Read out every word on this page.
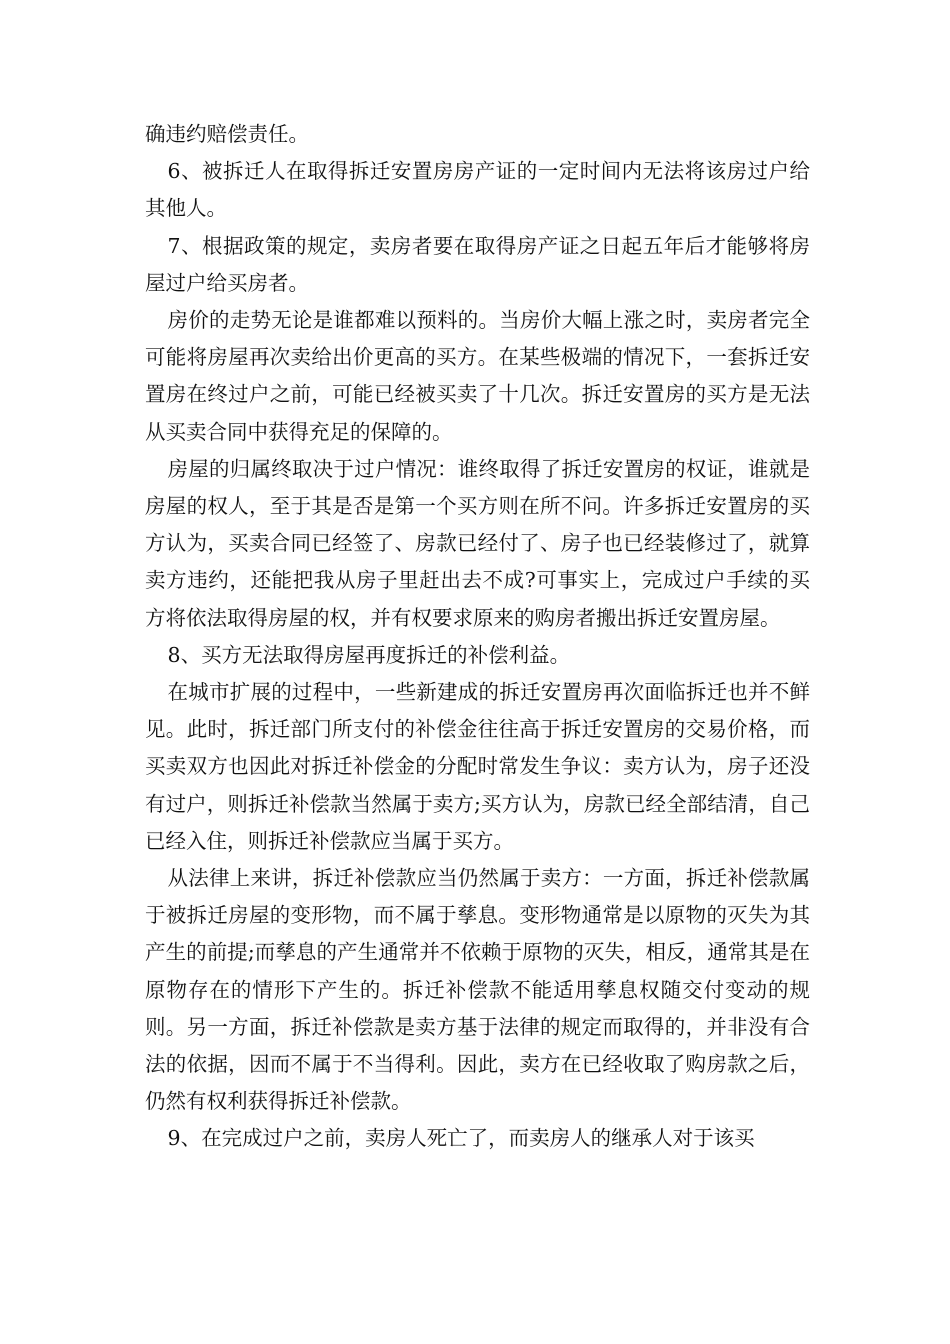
确违约赔偿责任。

6、被拆迁人在取得拆迁安置房房产证的一定时间内无法将该房过户给其他人。

7、根据政策的规定，卖房者要在取得房产证之日起五年后才能够将房屋过户给买房者。

房价的走势无论是谁都难以预料的。当房价大幅上涨之时，卖房者完全可能将房屋再次卖给出价更高的买方。在某些极端的情况下，一套拆迁安置房在终过户之前，可能已经被买卖了十几次。拆迁安置房的买方是无法从买卖合同中获得充足的保障的。

房屋的归属终取决于过户情况：谁终取得了拆迁安置房的权证，谁就是房屋的权人，至于其是否是第一个买方则在所不问。许多拆迁安置房的买方认为，买卖合同已经签了、房款已经付了、房子也已经装修过了，就算卖方违约，还能把我从房子里赶出去不成?可事实上，完成过户手续的买方将依法取得房屋的权，并有权要求原来的购房者搬出拆迁安置房屋。

8、买方无法取得房屋再度拆迁的补偿利益。

在城市扩展的过程中，一些新建成的拆迁安置房再次面临拆迁也并不鲜见。此时，拆迁部门所支付的补偿金往往高于拆迁安置房的交易价格，而买卖双方也因此对拆迁补偿金的分配时常发生争议：卖方认为，房子还没有过户，则拆迁补偿款当然属于卖方;买方认为，房款已经全部结清，自己已经入住，则拆迁补偿款应当属于买方。

从法律上来讲，拆迁补偿款应当仍然属于卖方：一方面，拆迁补偿款属于被拆迁房屋的变形物，而不属于孳息。变形物通常是以原物的灭失为其产生的前提;而孳息的产生通常并不依赖于原物的灭失，相反，通常其是在原物存在的情形下产生的。拆迁补偿款不能适用孳息权随交付变动的规则。另一方面，拆迁补偿款是卖方基于法律的规定而取得的，并非没有合法的依据，因而不属于不当得利。因此，卖方在已经收取了购房款之后，仍然有权利获得拆迁补偿款。

9、在完成过户之前，卖房人死亡了，而卖房人的继承人对于该买
